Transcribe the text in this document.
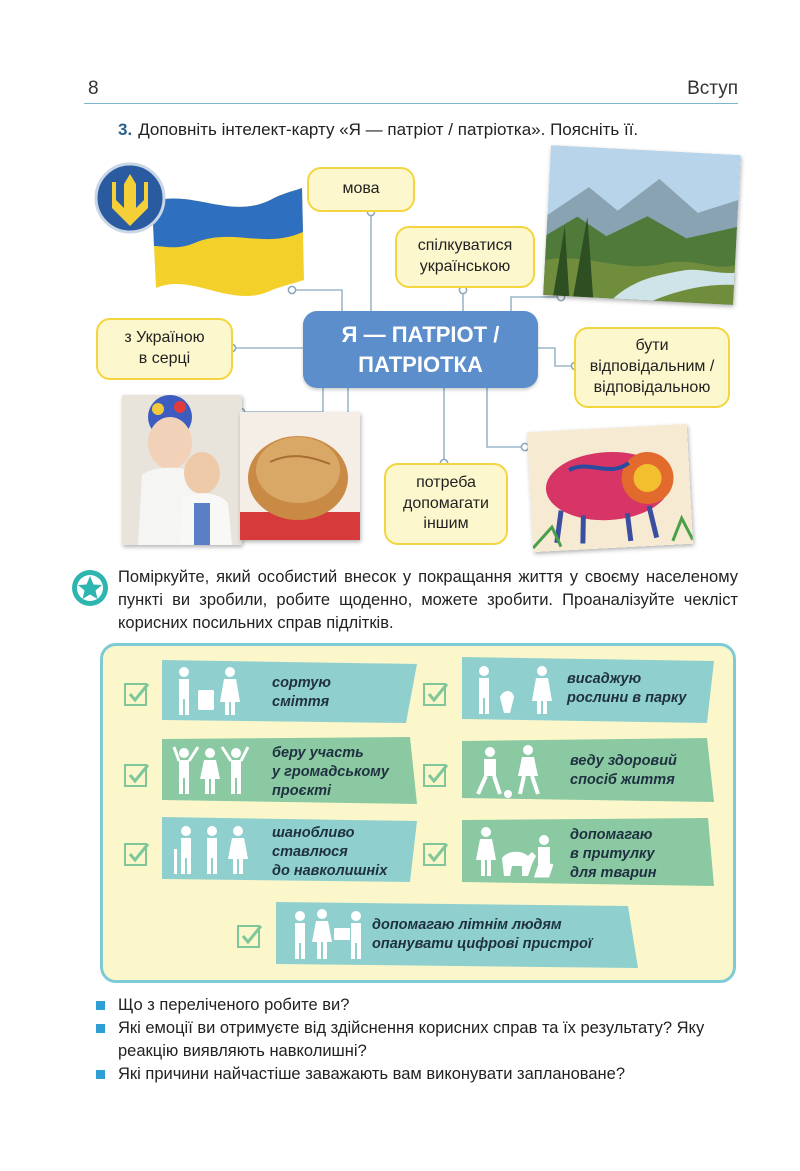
8	Вступ
3. Доповніть інтелект-карту «Я — патріот / патріотка». Поясніть її.
мова
спілкуватися
українською
з Україною
в серці
бути
відповідальним /
відповідальною
потреба
допомагати
іншим
Я — ПАТРІОТ /
ПАТРІОТКА
Поміркуйте, який особистий внесок у покращання життя у своєму населеному пункті ви зробили, робите щоденно, можете зробити. Проаналізуйте чекліст корисних посильних справ підлітків.
сортую
сміття
висаджую
рослини в парку
беру участь
у громадському
проєкті
веду здоровий
спосіб життя
шанобливо
ставлюся
до навколишніх
допомагаю
в притулку
для тварин
допомагаю літнім людям
опанувати цифрові пристрої
Що з переліченого робите ви?
Які емоції ви отримуєте від здійснення корисних справ та їх результату? Яку
реакцію виявляють навколишні?
Які причини найчастіше заважають вам виконувати заплановане?
